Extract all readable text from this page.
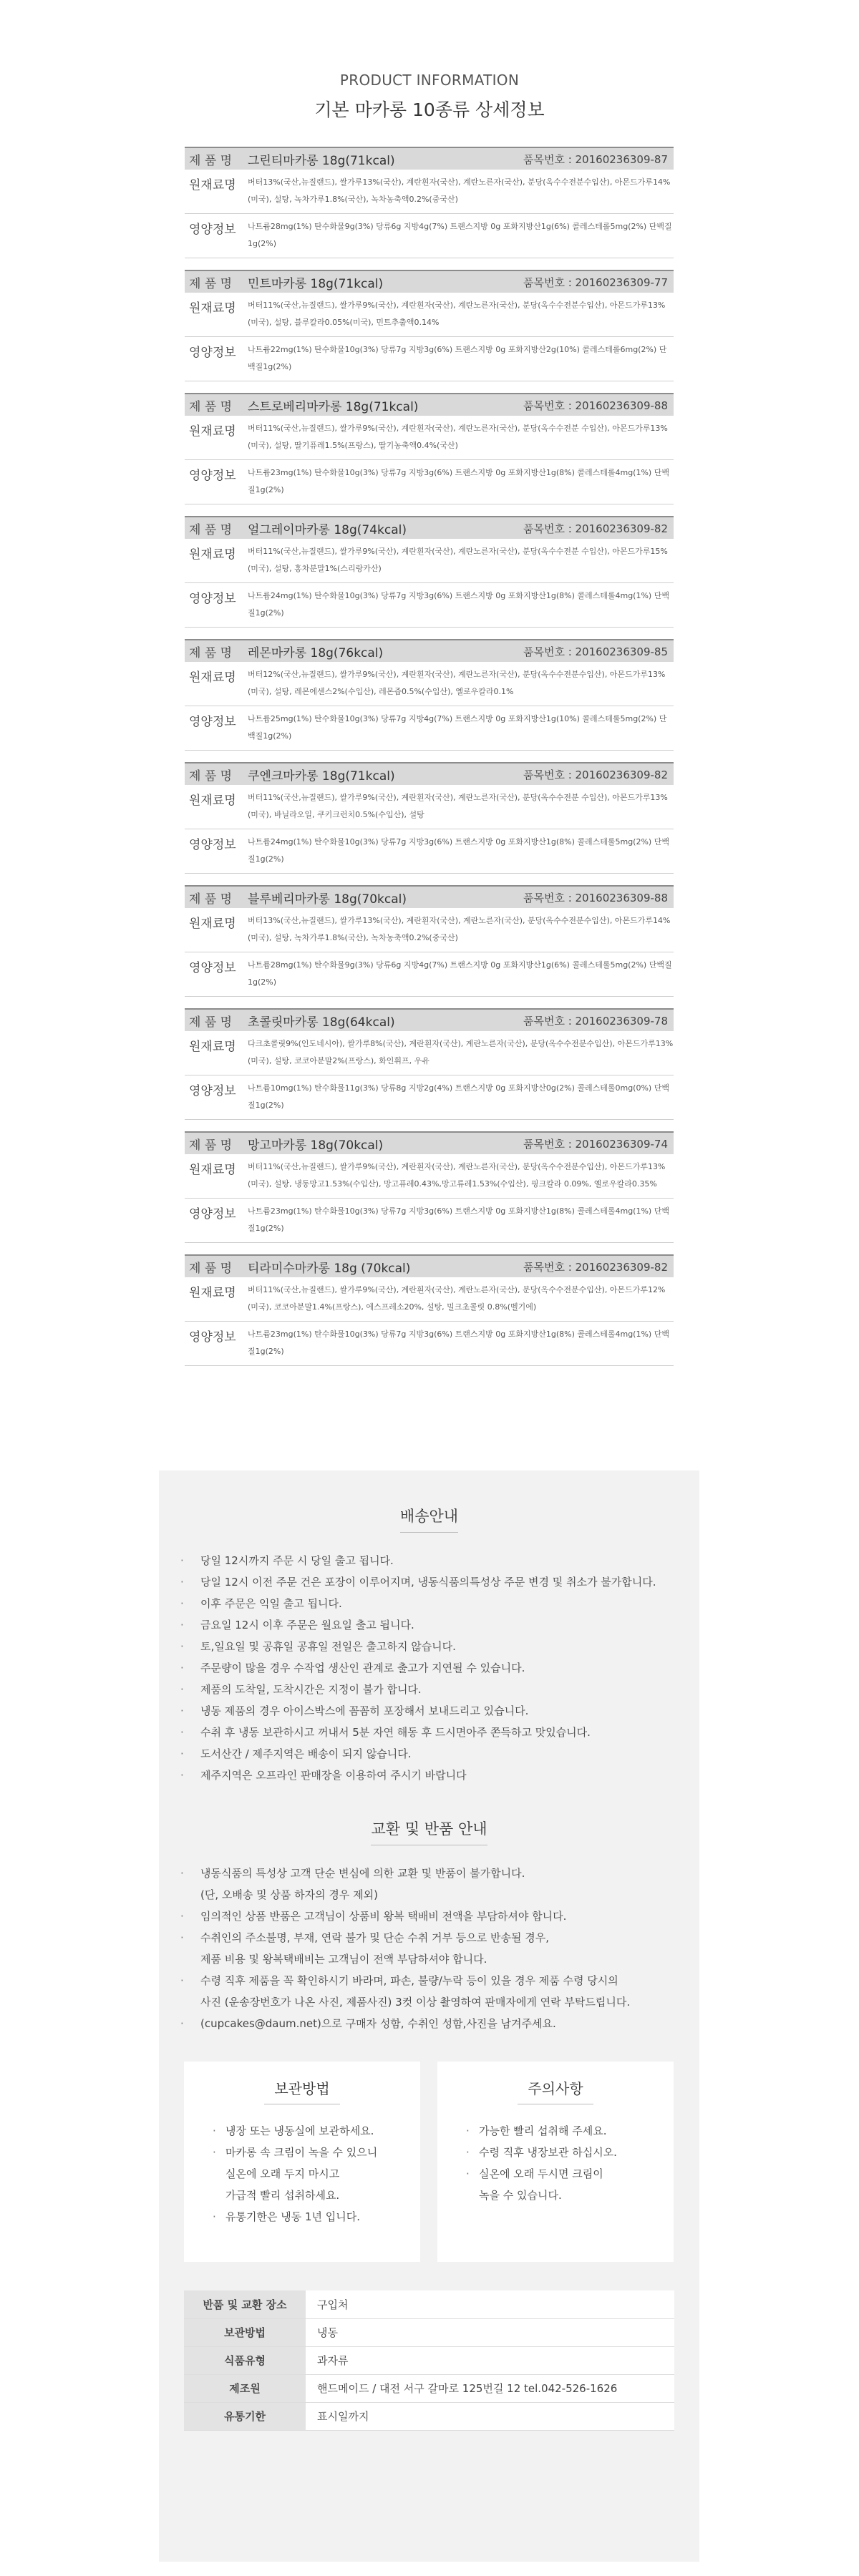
PRODUCT INFORMATION
기본 마카롱 10종류 상세정보
제 품 명	그린티마카롱 18g(71kcal)	품목번호 : 20160236309-87
원재료명	버터13%(국산,뉴질랜드), 쌀가루13%(국산), 계란흰자(국산), 계란노른자(국산), 분당(옥수수전분수입산), 아몬드가루14%(미국), 설탕, 녹차가루1.8%(국산), 녹차농축액0.2%(중국산)
영양정보	나트륨28mg(1%) 탄수화물9g(3%) 당류6g 지방4g(7%) 트랜스지방 0g 포화지방산1g(6%) 콜레스테롤5mg(2%) 단백질1g(2%)
제 품 명	민트마카롱 18g(71kcal)	품목번호 : 20160236309-77
원재료명	버터11%(국산,뉴질랜드), 쌀가루9%(국산), 계란흰자(국산), 계란노른자(국산), 분당(옥수수전분수입산), 아몬드가루13%(미국), 설탕, 블루칼라0.05%(미국), 민트추출액0.14%
영양정보	나트륨22mg(1%) 탄수화물10g(3%) 당류7g 지방3g(6%) 트랜스지방 0g 포화지방산2g(10%) 콜레스테롤6mg(2%) 단백질1g(2%)
제 품 명	스트로베리마카롱 18g(71kcal)	품목번호 : 20160236309-88
원재료명	버터11%(국산,뉴질랜드), 쌀가루9%(국산), 계란흰자(국산), 계란노른자(국산), 분당(옥수수전분 수입산), 아몬드가루13%(미국), 설탕, 딸기퓨레1.5%(프랑스), 딸기농축액0.4%(국산)
영양정보	나트륨23mg(1%) 탄수화물10g(3%) 당류7g 지방3g(6%) 트랜스지방 0g 포화지방산1g(8%) 콜레스테롤4mg(1%) 단백질1g(2%)
제 품 명	얼그레이마카롱 18g(74kcal)	품목번호 : 20160236309-82
원재료명	버터11%(국산,뉴질랜드), 쌀가루9%(국산), 계란흰자(국산), 계란노른자(국산), 분당(옥수수전분 수입산), 아몬드가루15%(미국), 설탕, 홍차분말1%(스리랑카산)
영양정보	나트륨24mg(1%) 탄수화물10g(3%) 당류7g 지방3g(6%) 트랜스지방 0g 포화지방산1g(8%) 콜레스테롤4mg(1%) 단백질1g(2%)
제 품 명	레몬마카롱 18g(76kcal)	품목번호 : 20160236309-85
원재료명	버터12%(국산,뉴질랜드), 쌀가루9%(국산), 계란흰자(국산), 계란노른자(국산), 분당(옥수수전분수입산), 아몬드가루13%(미국), 설탕, 레몬에센스2%(수입산), 레몬즙0.5%(수입산), 옐로우칼라0.1%
영양정보	나트륨25mg(1%) 탄수화물10g(3%) 당류7g 지방4g(7%) 트랜스지방 0g 포화지방산1g(10%) 콜레스테롤5mg(2%) 단백질1g(2%)
제 품 명	쿠엔크마카롱 18g(71kcal)	품목번호 : 20160236309-82
원재료명	버터11%(국산,뉴질랜드), 쌀가루9%(국산), 계란흰자(국산), 계란노른자(국산), 분당(옥수수전분 수입산), 아몬드가루13%(미국), 바닐라오일, 쿠키크런치0.5%(수입산), 설탕
영양정보	나트륨24mg(1%) 탄수화물10g(3%) 당류7g 지방3g(6%) 트랜스지방 0g 포화지방산1g(8%) 콜레스테롤5mg(2%) 단백질1g(2%)
제 품 명	블루베리마카롱 18g(70kcal)	품목번호 : 20160236309-88
원재료명	버터13%(국산,뉴질랜드), 쌀가루13%(국산), 계란흰자(국산), 계란노른자(국산), 분당(옥수수전분수입산), 아몬드가루14%(미국), 설탕, 녹차가루1.8%(국산), 녹차농축액0.2%(중국산)
영양정보	나트륨28mg(1%) 탄수화물9g(3%) 당류6g 지방4g(7%) 트랜스지방 0g 포화지방산1g(6%) 콜레스테롤5mg(2%) 단백질1g(2%)
제 품 명	초콜릿마카롱 18g(64kcal)	품목번호 : 20160236309-78
원재료명	다크초콜릿9%(인도네시아), 쌀가루8%(국산), 계란흰자(국산), 계란노른자(국산), 분당(옥수수전분수입산), 아몬드가루13%(미국), 설탕, 코코아분말2%(프랑스), 화인휘프, 우유
영양정보	나트륨10mg(1%) 탄수화물11g(3%) 당류8g 지방2g(4%) 트랜스지방 0g 포화지방산0g(2%) 콜레스테롤0mg(0%) 단백질1g(2%)
제 품 명	망고마카롱 18g(70kcal)	품목번호 : 20160236309-74
원재료명	버터11%(국산,뉴질랜드), 쌀가루9%(국산), 계란흰자(국산), 계란노른자(국산), 분당(옥수수전분수입산), 아몬드가루13%(미국), 설탕, 냉동망고1.53%(수입산), 망고퓨레0.43%,망고류레1.53%(수입산), 핑크칼라 0.09%, 옐로우칼라0.35%
영양정보	나트륨23mg(1%) 탄수화물10g(3%) 당류7g 지방3g(6%) 트랜스지방 0g 포화지방산1g(8%) 콜레스테롤4mg(1%) 단백질1g(2%)
제 품 명	티라미수마카롱 18g (70kcal)	품목번호 : 20160236309-82
원재료명	버터11%(국산,뉴질랜드), 쌀가루9%(국산), 계란흰자(국산), 계란노른자(국산), 분당(옥수수전분수입산), 아몬드가루12%(미국), 코코아분말1.4%(프랑스), 에스프레소20%, 설탕, 밀크초콜릿 0.8%(벨기에)
영양정보	나트륨23mg(1%) 탄수화물10g(3%) 당류7g 지방3g(6%) 트랜스지방 0g 포화지방산1g(8%) 콜레스테롤4mg(1%) 단백질1g(2%)
배송안내
· 당일 12시까지 주문 시 당일 출고 됩니다.
· 당일 12시 이전 주문 건은 포장이 이루어지며, 냉동식품의특성상 주문 변경 및 취소가 불가합니다.
· 이후 주문은 익일 출고 됩니다.
· 금요일 12시 이후 주문은 월요일 출고 됩니다.
· 토,일요일 및 공휴일 공휴일 전일은 출고하지 않습니다.
· 주문량이 많을 경우 수작업 생산인 관계로 출고가 지연될 수 있습니다.
· 제품의 도착일, 도착시간은 지정이 불가 합니다.
· 냉동 제품의 경우 아이스박스에 꼼꼼히 포장해서 보내드리고 있습니다.
· 수취 후 냉동 보관하시고 꺼내서 5분 자연 해동 후 드시면아주 쫀득하고 맛있습니다.
· 도서산간 / 제주지역은 배송이 되지 않습니다.
· 제주지역은 오프라인 판매장을 이용하여 주시기 바랍니다
교환 및 반품 안내
· 냉동식품의 특성상 고객 단순 변심에 의한 교환 및 반품이 불가합니다.
(단, 오배송 및 상품 하자의 경우 제외)
· 임의적인 상품 반품은 고객님이 상품비 왕복 택배비 전액을 부담하셔야 합니다.
· 수취인의 주소불명, 부재, 연락 불가 및 단순 수취 거부 등으로 반송될 경우,
제품 비용 및 왕복택배비는 고객님이 전액 부담하셔야 합니다.
· 수령 직후 제품을 꼭 확인하시기 바라며, 파손, 불량/누락 등이 있을 경우 제품 수령 당시의
사진 (운송장번호가 나온 사진, 제품사진) 3컷 이상 촬영하여 판매자에게 연락 부탁드립니다.
· (cupcakes@daum.net)으로 구매자 성함, 수취인 성함,사진을 남겨주세요.
보관방법
· 냉장 또는 냉동실에 보관하세요.
· 마카롱 속 크림이 녹을 수 있으니
실온에 오래 두지 마시고
가급적 빨리 섭취하세요.
· 유통기한은 냉동 1년 입니다.
주의사항
· 가능한 빨리 섭취해 주세요.
· 수령 직후 냉장보관 하십시오.
· 실온에 오래 두시면 크림이
녹을 수 있습니다.
반품 및 교환 장소	구입처
보관방법	냉동
식품유형	과자류
제조원	핸드메이드 / 대전 서구 갈마로 125번길 12 tel.042-526-1626
유통기한	표시일까지
